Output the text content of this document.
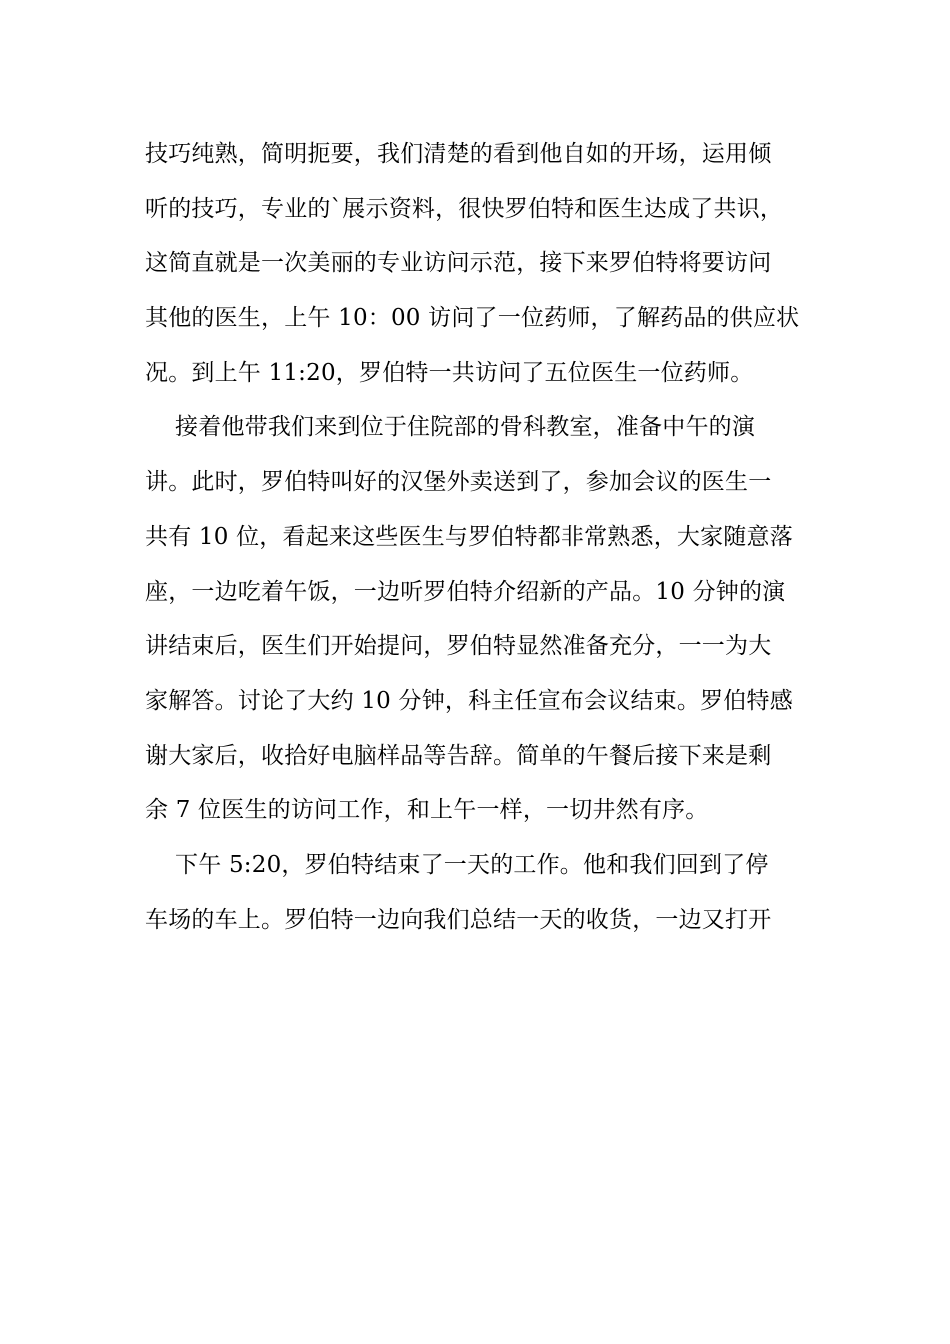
技巧纯熟，简明扼要，我们清楚的看到他自如的开场，运用倾
听的技巧，专业的`展示资料，很快罗伯特和医生达成了共识，
这简直就是一次美丽的专业访问示范，接下来罗伯特将要访问
其他的医生，上午 10：00 访问了一位药师，了解药品的供应状
况。到上午 11:20，罗伯特一共访问了五位医生一位药师。
接着他带我们来到位于住院部的骨科教室，准备中午的演
讲。此时，罗伯特叫好的汉堡外卖送到了，参加会议的医生一
共有 10 位，看起来这些医生与罗伯特都非常熟悉，大家随意落
座，一边吃着午饭，一边听罗伯特介绍新的产品。10 分钟的演
讲结束后，医生们开始提问，罗伯特显然准备充分，一一为大
家解答。讨论了大约 10 分钟，科主任宣布会议结束。罗伯特感
谢大家后，收拾好电脑样品等告辞。简单的午餐后接下来是剩
余 7 位医生的访问工作，和上午一样，一切井然有序。
下午 5:20，罗伯特结束了一天的工作。他和我们回到了停
车场的车上。罗伯特一边向我们总结一天的收货，一边又打开
